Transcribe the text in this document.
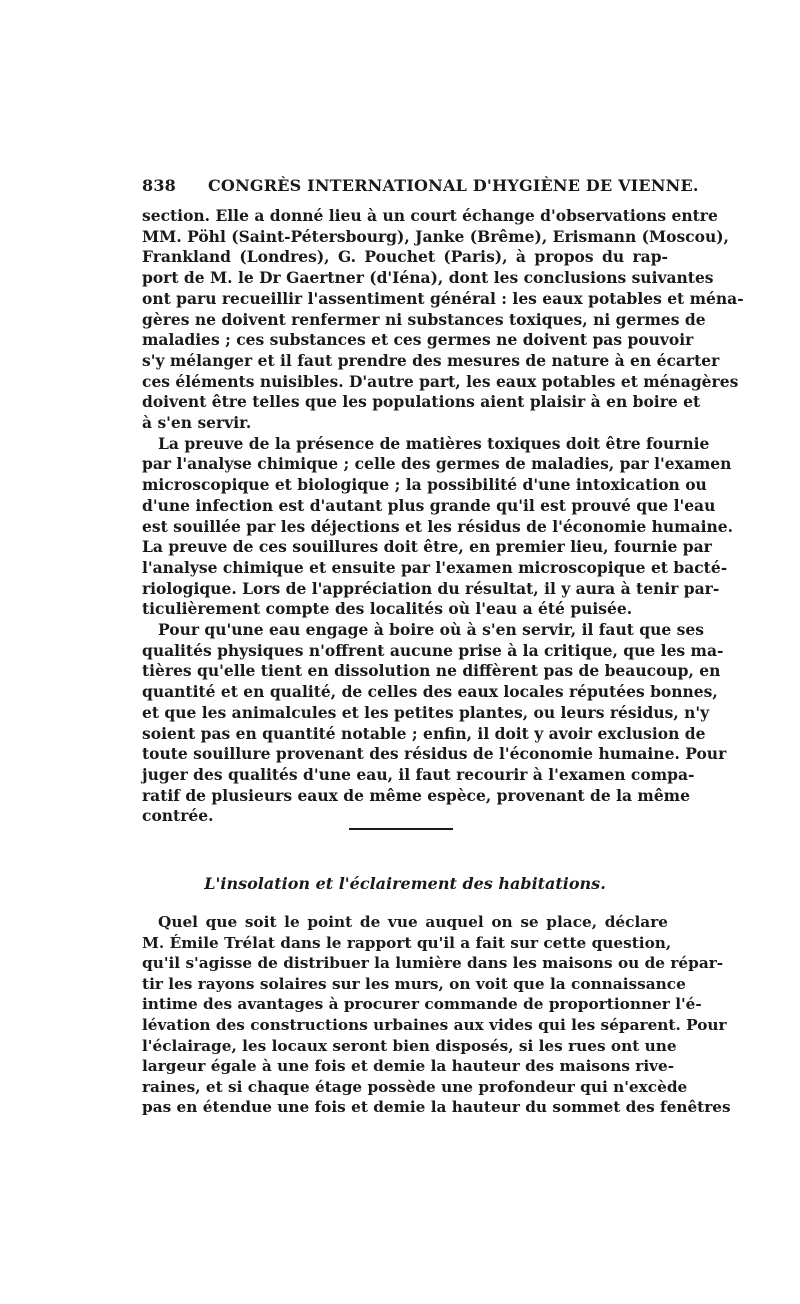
838 CONGRÈS INTERNATIONAL D'HYGIÈNE DE VIENNE.
section. Elle a donné lieu à un court échange d'observations entre
MM. Pöhl (Saint-Pétersbourg), Janke (Brême), Erismann (Moscou),
Frankland (Londres), G. Pouchet (Paris), à propos du rap-
port de M. le Dr Gaertner (d'Iéna), dont les conclusions suivantes
ont paru recueillir l'assentiment général : les eaux potables et ména-
gères ne doivent renfermer ni substances toxiques, ni germes de
maladies ; ces substances et ces germes ne doivent pas pouvoir
s'y mélanger et il faut prendre des mesures de nature à en écarter
ces éléments nuisibles. D'autre part, les eaux potables et ménagères
doivent être telles que les populations aient plaisir à en boire et
à s'en servir.
La preuve de la présence de matières toxiques doit être fournie
par l'analyse chimique ; celle des germes de maladies, par l'examen
microscopique et biologique ; la possibilité d'une intoxication ou
d'une infection est d'autant plus grande qu'il est prouvé que l'eau
est souillée par les déjections et les résidus de l'économie humaine.
La preuve de ces souillures doit être, en premier lieu, fournie par
l'analyse chimique et ensuite par l'examen microscopique et bacté-
riologique. Lors de l'appréciation du résultat, il y aura à tenir par-
ticulièrement compte des localités où l'eau a été puisée.
Pour qu'une eau engage à boire où à s'en servir, il faut que ses
qualités physiques n'offrent aucune prise à la critique, que les ma-
tières qu'elle tient en dissolution ne diffèrent pas de beaucoup, en
quantité et en qualité, de celles des eaux locales réputées bonnes,
et que les animalcules et les petites plantes, ou leurs résidus, n'y
soient pas en quantité notable ; enfin, il doit y avoir exclusion de
toute souillure provenant des résidus de l'économie humaine. Pour
juger des qualités d'une eau, il faut recourir à l'examen compa-
ratif de plusieurs eaux de même espèce, provenant de la même
contrée.
L'insolation et l'éclairement des habitations.
Quel que soit le point de vue auquel on se place, déclare
M. Émile Trélat dans le rapport qu'il a fait sur cette question,
qu'il s'agisse de distribuer la lumière dans les maisons ou de répar-
tir les rayons solaires sur les murs, on voit que la connaissance
intime des avantages à procurer commande de proportionner l'é-
lévation des constructions urbaines aux vides qui les séparent. Pour
l'éclairage, les locaux seront bien disposés, si les rues ont une
largeur égale à une fois et demie la hauteur des maisons rive-
raines, et si chaque étage possède une profondeur qui n'excède
pas en étendue une fois et demie la hauteur du sommet des fenêtres
